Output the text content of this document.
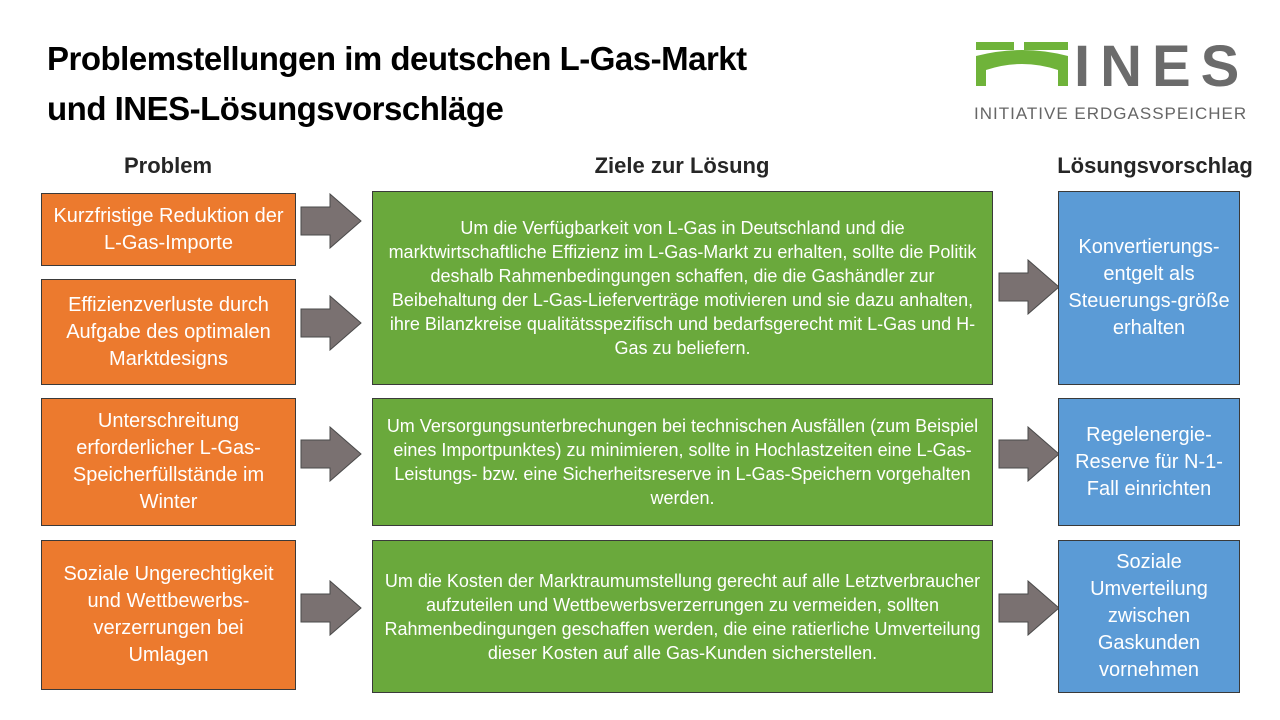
Problemstellungen im deutschen L-Gas-Markt
und INES-Lösungsvorschläge
INES
INITIATIVE ERDGASSPEICHER
Problem	Ziele zur Lösung	Lösungsvorschlag
Kurzfristige Reduktion der L-Gas-Importe
Effizienzverluste durch Aufgabe des optimalen Marktdesigns
Unterschreitung erforderlicher L-Gas-Speicherfüllstände im Winter
Soziale Ungerechtigkeit und Wettbewerbs-verzerrungen bei Umlagen
Um die Verfügbarkeit von L-Gas in Deutschland und die marktwirtschaftliche Effizienz im L-Gas-Markt zu erhalten, sollte die Politik deshalb Rahmenbedingungen schaffen, die die Gashändler zur Beibehaltung der L-Gas-Lieferverträge motivieren und sie dazu anhalten, ihre Bilanzkreise qualitätsspezifisch und bedarfsgerecht mit L-Gas und H-Gas zu beliefern.
Um Versorgungsunterbrechungen bei technischen Ausfällen (zum Beispiel eines Importpunktes) zu minimieren, sollte in Hochlastzeiten eine L-Gas-Leistungs- bzw. eine Sicherheitsreserve in L-Gas-Speichern vorgehalten werden.
Um die Kosten der Marktraumumstellung gerecht auf alle Letztverbraucher aufzuteilen und Wettbewerbsverzerrungen zu vermeiden, sollten Rahmenbedingungen geschaffen werden, die eine ratierliche Umverteilung dieser Kosten auf alle Gas-Kunden sicherstellen.
Konvertierungs-entgelt als Steuerungs-größe erhalten
Regelenergie-Reserve für N-1-Fall einrichten
Soziale Umverteilung zwischen Gaskunden vornehmen
